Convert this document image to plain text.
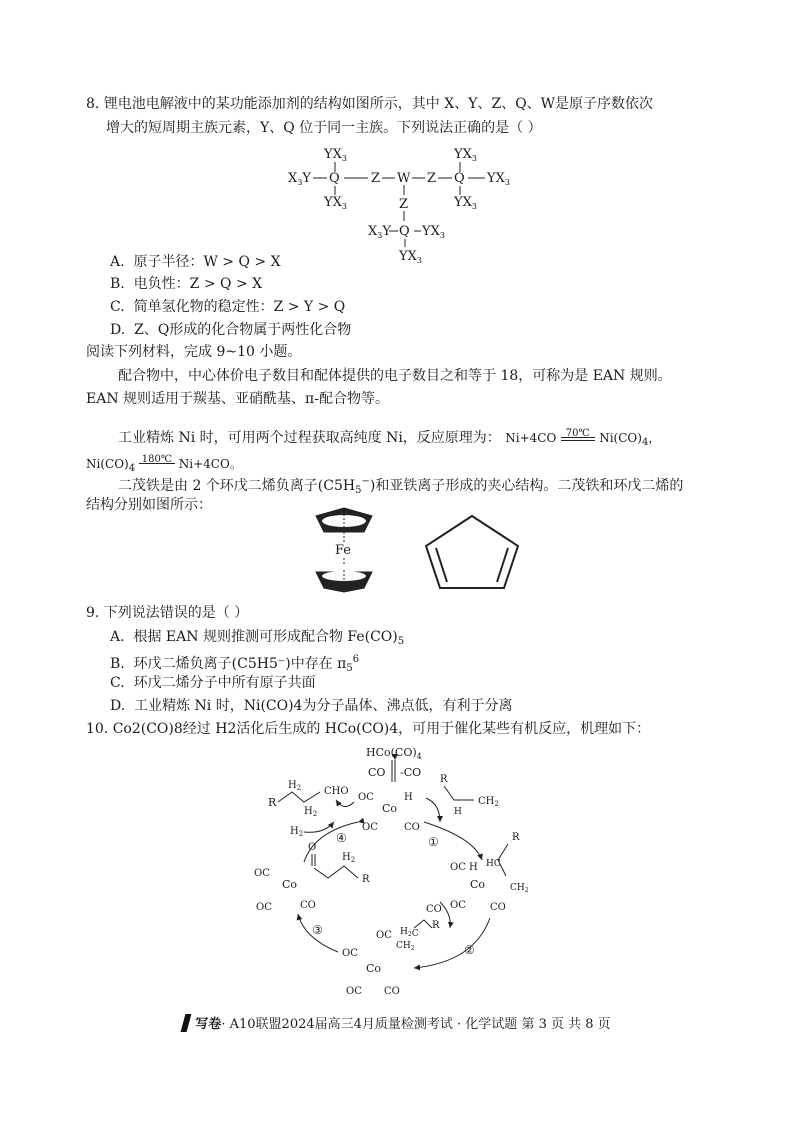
8. 锂电池电解液中的某功能添加剂的结构如图所示，其中 X、Y、Z、Q、W是原子序数依次
增大的短周期主族元素，Y、Q 位于同一主族。下列说法正确的是（ ）
$YX_3$
$X_3Y$ Q
$YX_3$
Z W Z
$YX_3$
Q $YX_3$
$YX_3$
Z
$X_3Y$ Q $YX_3$
$YX_3$
A. 原子半径：W > Q > X
B. 电负性：Z > Q > X
C. 简单氢化物的稳定性：Z > Y > Q
D. Z、Q形成的化合物属于两性化合物
阅读下列材料，完成 9~10 小题。
配合物中，中心体价电子数目和配体提供的电子数目之和等于 18，可称为是 EAN 规则。
EAN 规则适用于羰基、亚硝酰基、π-配合物等。
工业精炼 Ni 时，可用两个过程获取高纯度 Ni，反应原理为： Ni+4CO 70℃ $Ni(CO)_4$，
$Ni(CO)_4$ 180℃ Ni+4CO。
二茂铁是由 2 个环戊二烯负离子$(C5H_5^-)$和亚铁离子形成的夹心结构。二茂铁和环戊二烯的
结构分别如图所示：
Fe
9. 下列说法错误的是（ ）
A. 根据 EAN 规则推测可形成配合物 $Fe(CO)_5$
B. 环戊二烯负离子(C5H5⁻)中存在 $\pi_5^6$
C. 环戊二烯分子中所有原子共面
D. 工业精炼 Ni 时，Ni(CO)4为分子晶体、沸点低，有利于分离
10. Co2(CO)8经过 H2活化后生成的 HCo(CO)4，可用于催化某些有机反应，机理如下：
$HCo(CO)_4$
CO -CO
OC	H
Co
OC	CO
$H_2$
R
$H_2$
CHO
R
H
$CH_2$
$H_2$	④	①
O
OC
Co
$H_2$
R
OC	CO
OC H
R
HC
$CH_2$
Co
OC CO
OC $H_2C$
R
$CH_2$
OC
Co
OC CO
CO
②
③
写卷· A10联盟2024届高三4月质量检测考试 · 化学试题 第 3 页 共 8 页
